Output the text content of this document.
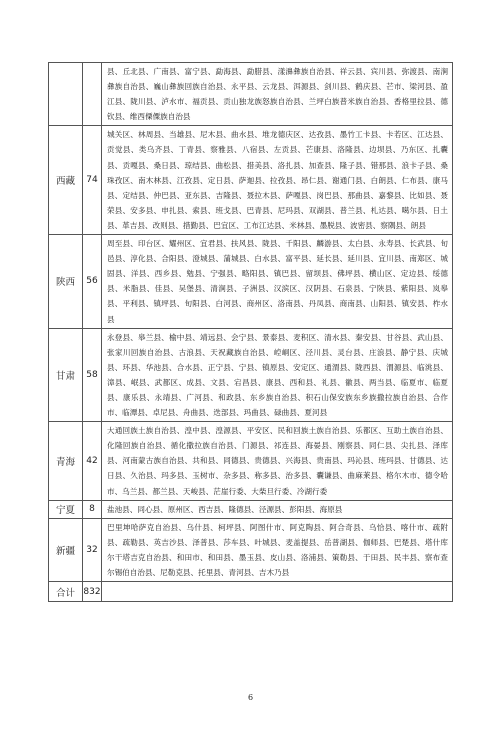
		县、丘北县、广南县、富宁县、勐海县、勐腊县、漾濞彝族自治县、祥云县、宾川县、弥渡县、南涧彝族自治县、巍山彝族回族自治县、永平县、云龙县、洱源县、剑川县、鹤庆县、芒市、梁河县、盈江县、陇川县、泸水市、福贡县、贡山独龙族怒族自治县、兰坪白族普米族自治县、香格里拉县、德钦县、维西傈僳族自治县
西藏	74	城关区、林周县、当雄县、尼木县、曲水县、堆龙德庆区、达孜县、墨竹工卡县、卡若区、江达县、贡觉县、类乌齐县、丁青县、察雅县、八宿县、左贡县、芒康县、洛隆县、边坝县、乃东区、扎囊县、贡嘎县、桑日县、琼结县、曲松县、措美县、洛扎县、加查县、隆子县、错那县、浪卡子县、桑珠孜区、南木林县、江孜县、定日县、萨迦县、拉孜县、昂仁县、谢通门县、白朗县、仁布县、康马县、定结县、仲巴县、亚东县、吉隆县、聂拉木县、萨嘎县、岗巴县、那曲县、嘉黎县、比如县、聂荣县、安多县、申扎县、索县、班戈县、巴青县、尼玛县、双湖县、普兰县、札达县、噶尔县、日土县、革吉县、改则县、措勤县、巴宜区、工布江达县、米林县、墨脱县、波密县、察隅县、朗县
陕西	56	周至县、印台区、耀州区、宜君县、扶风县、陇县、千阳县、麟游县、太白县、永寿县、长武县、旬邑县、淳化县、合阳县、澄城县、蒲城县、白水县、富平县、延长县、延川县、宜川县、南郑区、城固县、洋县、西乡县、勉县、宁强县、略阳县、镇巴县、留坝县、佛坪县、横山区、定边县、绥德县、米脂县、佳县、吴堡县、清涧县、子洲县、汉滨区、汉阴县、石泉县、宁陕县、紫阳县、岚皋县、平利县、镇坪县、旬阳县、白河县、商州区、洛南县、丹凤县、商南县、山阳县、镇安县、柞水县
甘肃	58	永登县、皋兰县、榆中县、靖远县、会宁县、景泰县、麦积区、清水县、秦安县、甘谷县、武山县、张家川回族自治县、古浪县、天祝藏族自治县、崆峒区、泾川县、灵台县、庄浪县、静宁县、庆城县、环县、华池县、合水县、正宁县、宁县、镇原县、安定区、通渭县、陇西县、渭源县、临洮县、漳县、岷县、武都区、成县、文县、宕昌县、康县、西和县、礼县、徽县、两当县、临夏市、临夏县、康乐县、永靖县、广河县、和政县、东乡族自治县、积石山保安族东乡族撒拉族自治县、合作市、临潭县、卓尼县、舟曲县、迭部县、玛曲县、碌曲县、夏河县
青海	42	大通回族土族自治县、湟中县、湟源县、平安区、民和回族土族自治县、乐都区、互助土族自治县、化隆回族自治县、循化撒拉族自治县、门源县、祁连县、海晏县、刚察县、同仁县、尖扎县、泽库县、河南蒙古族自治县、共和县、同德县、贵德县、兴海县、贵南县、玛沁县、班玛县、甘德县、达日县、久治县、玛多县、玉树市、杂多县、称多县、治多县、囊谦县、曲麻莱县、格尔木市、德令哈市、乌兰县、都兰县、天峻县、茫崖行委、大柴旦行委、冷湖行委
宁夏	8	盐池县、同心县、原州区、西吉县、隆德县、泾源县、彭阳县、海原县
新疆	32	巴里坤哈萨克自治县、乌什县、柯坪县、阿图什市、阿克陶县、阿合奇县、乌恰县、喀什市、疏附县、疏勒县、英吉沙县、泽普县、莎车县、叶城县、麦盖提县、岳普湖县、伽师县、巴楚县、塔什库尔干塔吉克自治县、和田市、和田县、墨玉县、皮山县、洛浦县、策勒县、于田县、民丰县、察布查尔锡伯自治县、尼勒克县、托里县、青河县、吉木乃县
合计	832	
6
